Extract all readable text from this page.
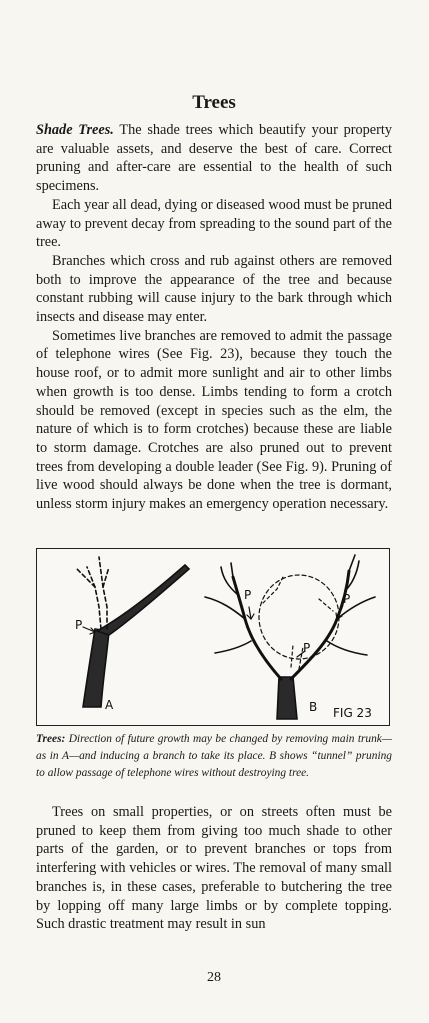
Trees

Shade Trees. The shade trees which beautify your property are valuable assets, and deserve the best of care. Correct pruning and after-care are essential to the health of such specimens.

Each year all dead, dying or diseased wood must be pruned away to prevent decay from spreading to the sound part of the tree.

Branches which cross and rub against others are removed both to improve the appearance of the tree and because constant rubbing will cause injury to the bark through which insects and disease may enter.

Sometimes live branches are removed to admit the passage of telephone wires (See Fig. 23), because they touch the house roof, or to admit more sunlight and air to other limbs when growth is too dense. Limbs tending to form a crotch should be removed (except in species such as the elm, the nature of which is to form crotches) because these are liable to storm damage. Crotches are also pruned out to prevent trees from developing a double leader (See Fig. 9). Pruning of live wood should always be done when the tree is dormant, unless storm injury makes an emergency operation necessary.

P
A
P	P
P
B FIG 23

Trees: Direction of future growth may be changed by removing main trunk—as in A—and inducing a branch to take its place. B shows “tunnel” pruning to allow passage of telephone wires without destroying tree.

Trees on small properties, or on streets often must be pruned to keep them from giving too much shade to other parts of the garden, or to prevent branches or tops from interfering with vehicles or wires. The removal of many small branches is, in these cases, preferable to butchering the tree by lopping off many large limbs or by complete topping. Such drastic treatment may result in sun

28
